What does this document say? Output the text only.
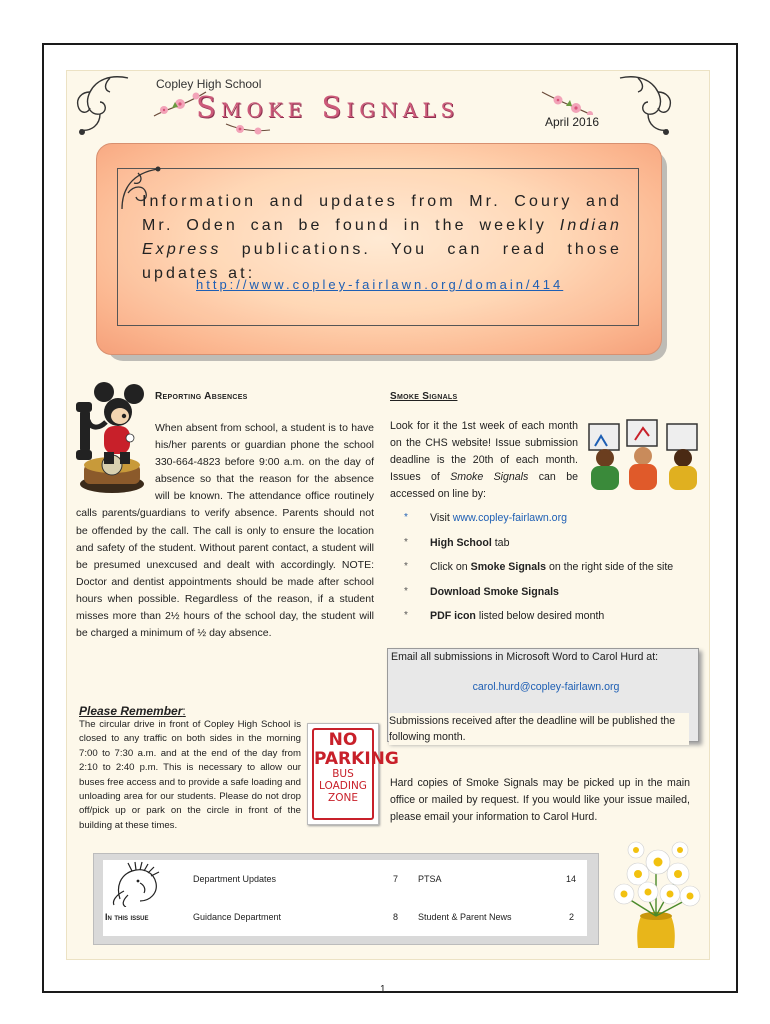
Copley High School
Smoke Signals	April 2016
Information and updates from Mr. Coury and Mr. Oden can be found in the weekly Indian Express publications. You can read those updates at:
http://www.copley-fairlawn.org/domain/414
Reporting Absences
When absent from school, a student is to have his/her parents or guardian phone the school 330-664-4823 before 9:00 a.m. on the day of absence so that the reason for the absence will be known. The attendance office routinely calls parents/guardians to verify absence. Parents should not be offended by the call. The call is only to ensure the location and safety of the student. Without parent contact, a student will be presumed unexcused and dealt with accordingly. NOTE: Doctor and dentist appointments should be made after school hours when possible. Regardless of the reason, if a student misses more than 2½ hours of the school day, the student will be charged a minimum of ½ day absence.
Please Remember:
The circular drive in front of Copley High School is closed to any traffic on both sides in the morning 7:00 to 7:30 a.m. and at the end of the day from 2:10 to 2:40 p.m. This is necessary to allow our buses free access and to provide a safe loading and unloading area for our students. Please do not drop off/pick up or park on the circle in front of the building at these times.
NO
PARKING
BUS
LOADING
ZONE
Smoke Signals
Look for it the 1st week of each month on the CHS website! Issue submission deadline is the 20th of each month. Issues of Smoke Signals can be accessed on line by:
* Visit www.copley-fairlawn.org
* High School tab
* Click on Smoke Signals on the right side of the site
* Download Smoke Signals
* PDF icon listed below desired month
Email all submissions in Microsoft Word to Carol Hurd at:
carol.hurd@copley-fairlawn.org
Submissions received after the deadline will be published the following month.
Hard copies of Smoke Signals may be picked up in the main office or mailed by request. If you would like your issue mailed, please email your information to Carol Hurd.
In this issue
Department Updates	7 PTSA	14
Guidance Department	8 Student & Parent News	2
1
